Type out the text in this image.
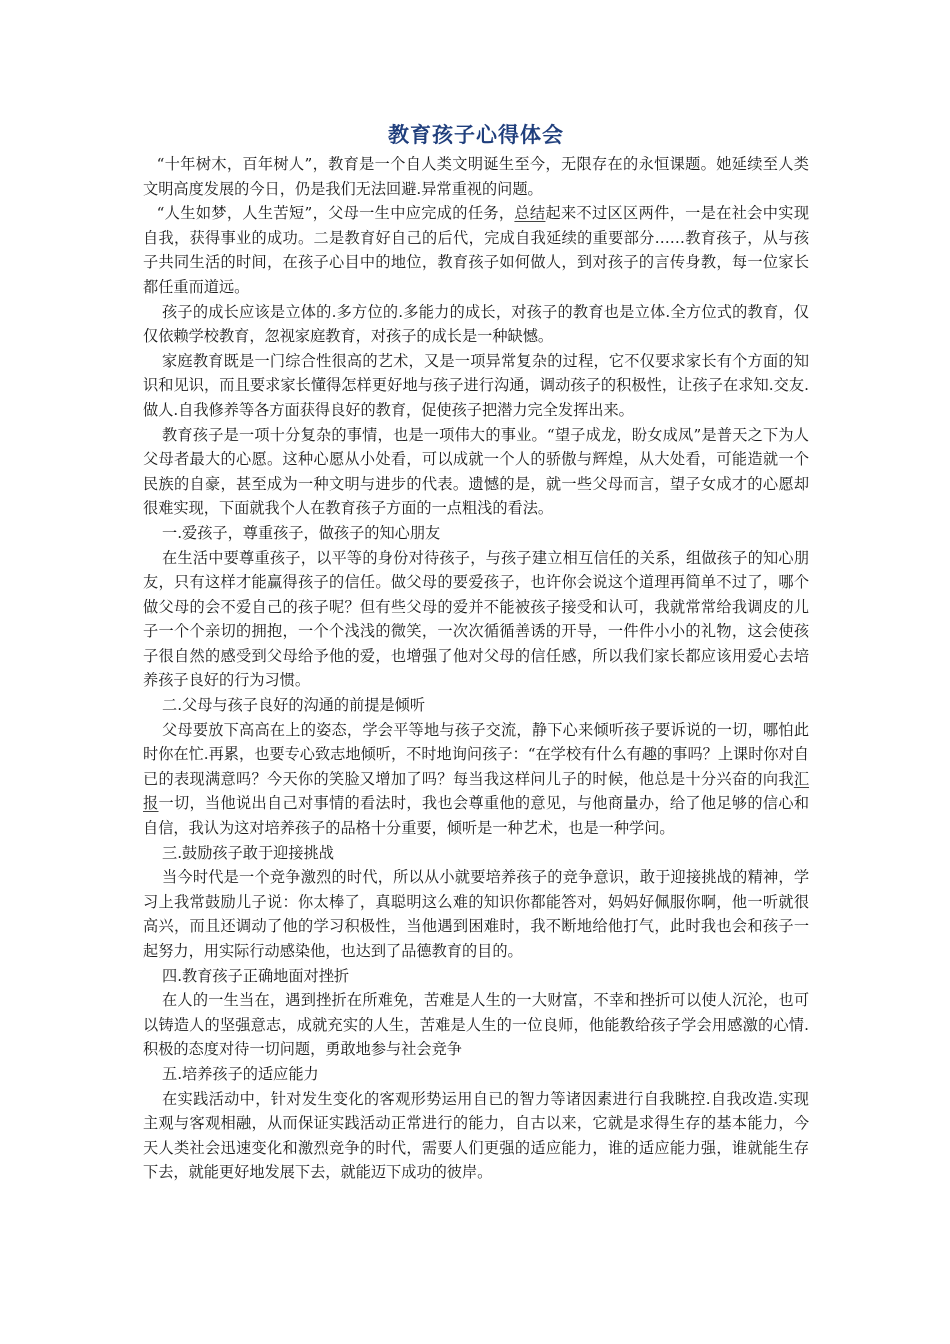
教育孩子心得体会

“十年树木，百年树人”，教育是一个自人类文明诞生至今，无限存在的永恒课题。她延续至人类文明高度发展的今日，仍是我们无法回避.异常重视的问题。

“人生如梦，人生苦短”，父母一生中应完成的任务，总结起来不过区区两件，一是在社会中实现自我，获得事业的成功。二是教育好自己的后代，完成自我延续的重要部分……教育孩子，从与孩子共同生活的时间，在孩子心目中的地位，教育孩子如何做人，到对孩子的言传身教，每一位家长都任重而道远。

孩子的成长应该是立体的.多方位的.多能力的成长，对孩子的教育也是立体.全方位式的教育，仅仅依赖学校教育，忽视家庭教育，对孩子的成长是一种缺憾。

家庭教育既是一门综合性很高的艺术，又是一项异常复杂的过程，它不仅要求家长有个方面的知识和见识，而且要求家长懂得怎样更好地与孩子进行沟通，调动孩子的积极性，让孩子在求知.交友.做人.自我修养等各方面获得良好的教育，促使孩子把潜力完全发挥出来。

教育孩子是一项十分复杂的事情，也是一项伟大的事业。“望子成龙，盼女成凤”是普天之下为人父母者最大的心愿。这种心愿从小处看，可以成就一个人的骄傲与辉煌，从大处看，可能造就一个民族的自豪，甚至成为一种文明与进步的代表。遗憾的是，就一些父母而言，望子女成才的心愿却很难实现，下面就我个人在教育孩子方面的一点粗浅的看法。

一.爱孩子，尊重孩子，做孩子的知心朋友

在生活中要尊重孩子，以平等的身份对待孩子，与孩子建立相互信任的关系，组做孩子的知心朋友，只有这样才能赢得孩子的信任。做父母的要爱孩子，也许你会说这个道理再简单不过了，哪个做父母的会不爱自己的孩子呢？但有些父母的爱并不能被孩子接受和认可，我就常常给我调皮的儿子一个个亲切的拥抱，一个个浅浅的微笑，一次次循循善诱的开导，一件件小小的礼物，这会使孩子很自然的感受到父母给予他的爱，也增强了他对父母的信任感，所以我们家长都应该用爱心去培养孩子良好的行为习惯。

二.父母与孩子良好的沟通的前提是倾听

父母要放下高高在上的姿态，学会平等地与孩子交流，静下心来倾听孩子要诉说的一切，哪怕此时你在忙.再累，也要专心致志地倾听，不时地询问孩子：“在学校有什么有趣的事吗？上课时你对自已的表现满意吗？今天你的笑脸又增加了吗？每当我这样问儿子的时候，他总是十分兴奋的向我汇报一切，当他说出自己对事情的看法时，我也会尊重他的意见，与他商量办，给了他足够的信心和自信，我认为这对培养孩子的品格十分重要，倾听是一种艺术，也是一种学问。

三.鼓励孩子敢于迎接挑战

当今时代是一个竞争激烈的时代，所以从小就要培养孩子的竞争意识，敢于迎接挑战的精神，学习上我常鼓励儿子说：你太棒了，真聪明这么难的知识你都能答对，妈妈好佩服你啊，他一听就很高兴，而且还调动了他的学习积极性，当他遇到困难时，我不断地给他打气，此时我也会和孩子一起努力，用实际行动感染他，也达到了品德教育的目的。

四.教育孩子正确地面对挫折

在人的一生当在，遇到挫折在所难免，苦难是人生的一大财富，不幸和挫折可以使人沉沦，也可以铸造人的坚强意志，成就充实的人生，苦难是人生的一位良师，他能教给孩子学会用感激的心情.积极的态度对待一切问题，勇敢地参与社会竞争

五.培养孩子的适应能力

在实践活动中，针对发生变化的客观形势运用自已的智力等诸因素进行自我眺控.自我改造.实现主观与客观相融，从而保证实践活动正常进行的能力，自古以来，它就是求得生存的基本能力，今天人类社会迅速变化和激烈竞争的时代，需要人们更强的适应能力，谁的适应能力强，谁就能生存下去，就能更好地发展下去，就能迈下成功的彼岸。
